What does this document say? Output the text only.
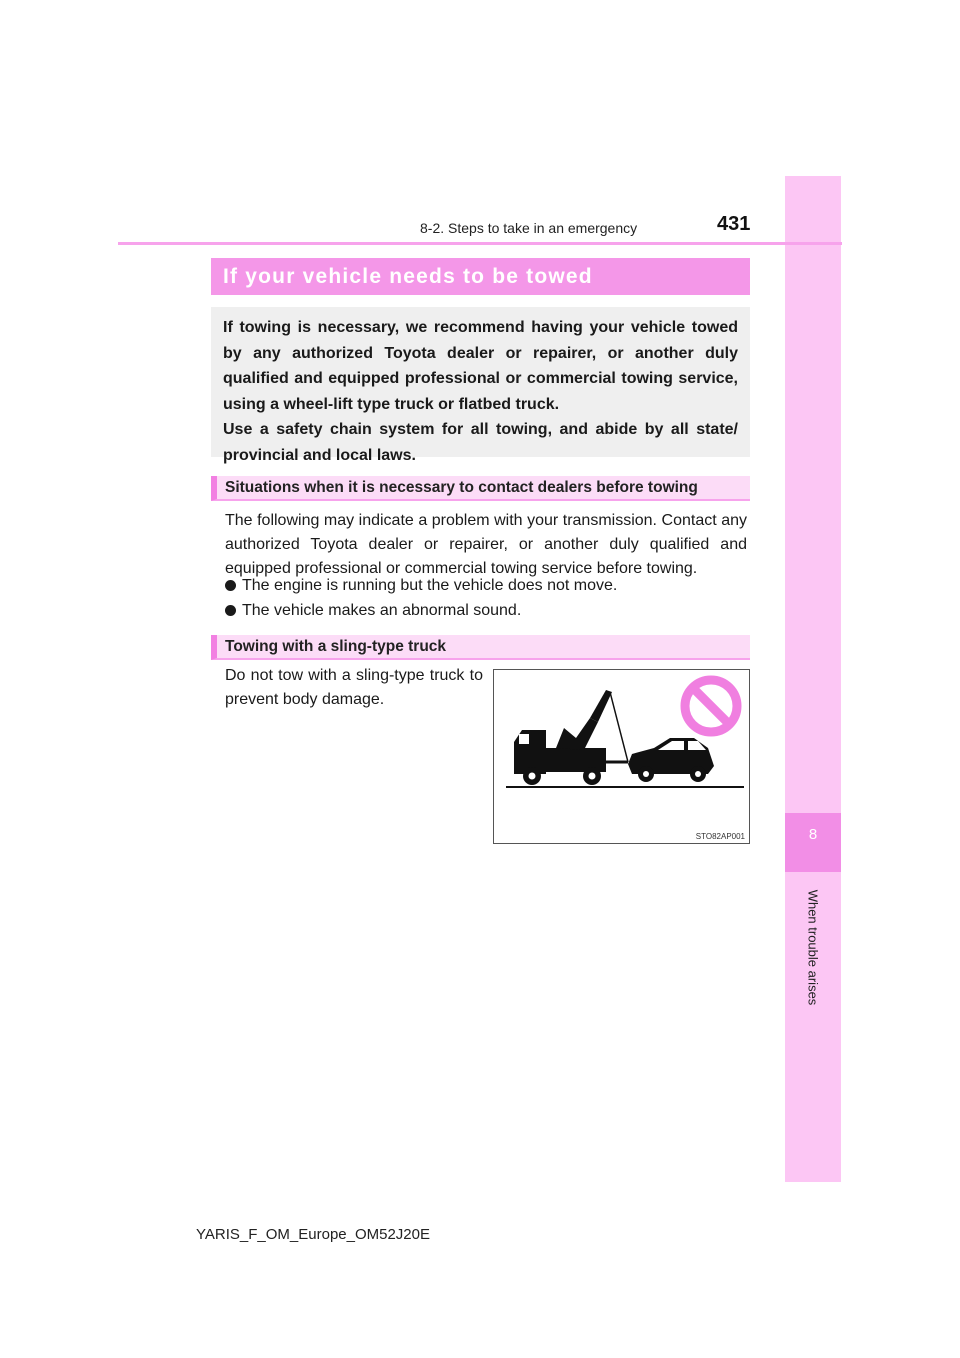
8
When trouble arises
8-2. Steps to take in an emergency	431
If your vehicle needs to be towed

If towing is necessary, we recommend having your vehicle towed by any authorized Toyota dealer or repairer, or another duly qualified and equipped professional or commercial towing service, using a wheel-lift type truck or flatbed truck.

Use a safety chain system for all towing, and abide by all state/ provincial and local laws.

Situations when it is necessary to contact dealers before towing
The following may indicate a problem with your transmission. Contact any authorized Toyota dealer or repairer, or another duly qualified and equipped professional or commercial towing service before towing.
The engine is running but the vehicle does not move.
The vehicle makes an abnormal sound.
Towing with a sling-type truck
Do not tow with a sling-type truck to prevent body damage.
STO82AP001
YARIS_F_OM_Europe_OM52J20E
